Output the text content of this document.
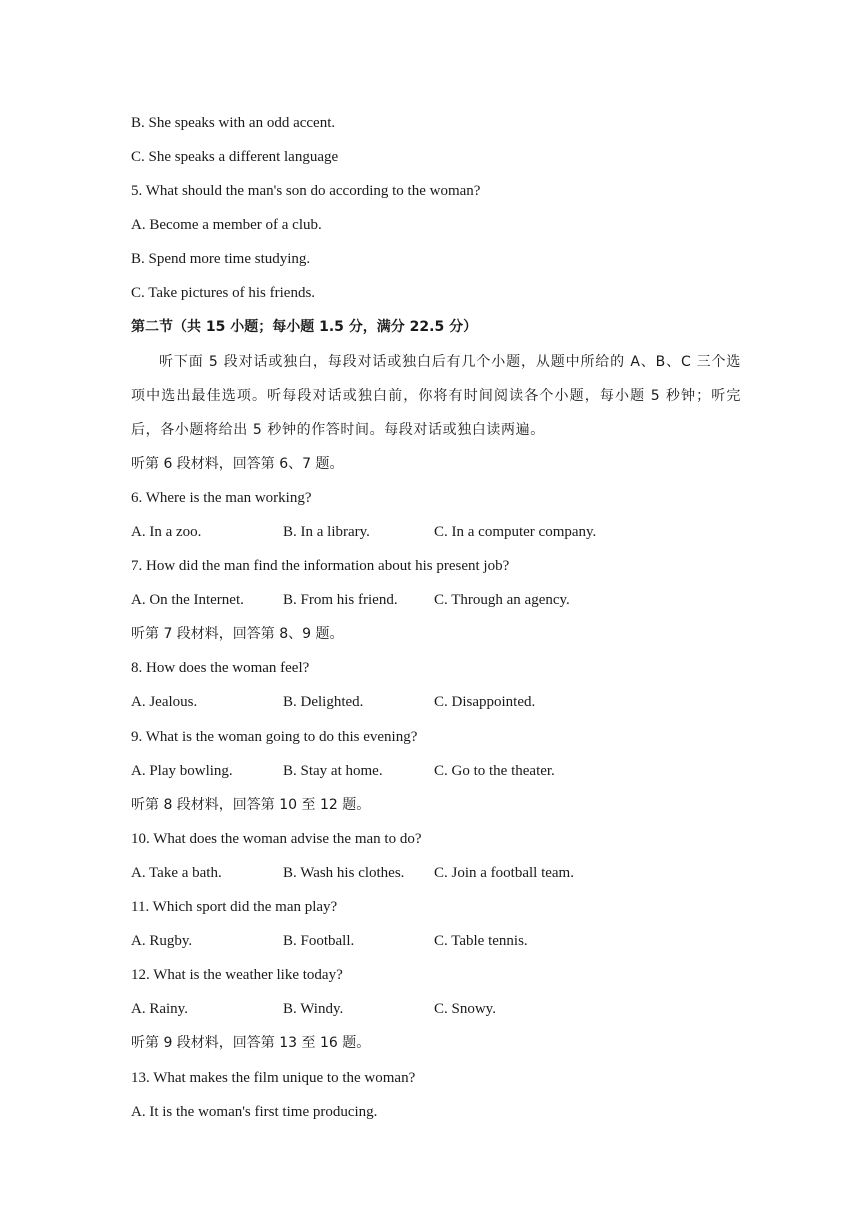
B. She speaks with an odd accent.
C. She speaks a different language
5. What should the man's son do according to the woman?
A. Become a member of a club.
B. Spend more time studying.
C. Take pictures of his friends.
第二节（共 15 小题；每小题 1.5 分，满分 22.5 分）
听下面 5 段对话或独白，每段对话或独白后有几个小题，从题中所给的 A、B、C 三个选项中选出最佳选项。听每段对话或独白前，你将有时间阅读各个小题，每小题 5 秒钟；听完后，各小题将给出 5 秒钟的作答时间。每段对话或独白读两遍。
听第 6 段材料，回答第 6、7 题。
6. Where is the man working?
A. In a zoo.	B. In a library.	C. In a computer company.
7. How did the man find the information about his present job?
A. On the Internet.	B. From his friend. C. Through an agency.
听第 7 段材料，回答第 8、9 题。
8. How does the woman feel?
A. Jealous.	B. Delighted.	C. Disappointed.
9. What is the woman going to do this evening?
A. Play bowling.	B. Stay at home.	C. Go to the theater.
听第 8 段材料，回答第 10 至 12 题。
10. What does the woman advise the man to do?
A. Take a bath.	B. Wash his clothes. C. Join a football team.
11. Which sport did the man play?
A. Rugby.	B. Football.	C. Table tennis.
12. What is the weather like today?
A. Rainy.	B. Windy.	C. Snowy.
听第 9 段材料，回答第 13 至 16 题。
13. What makes the film unique to the woman?
A. It is the woman's first time producing.
